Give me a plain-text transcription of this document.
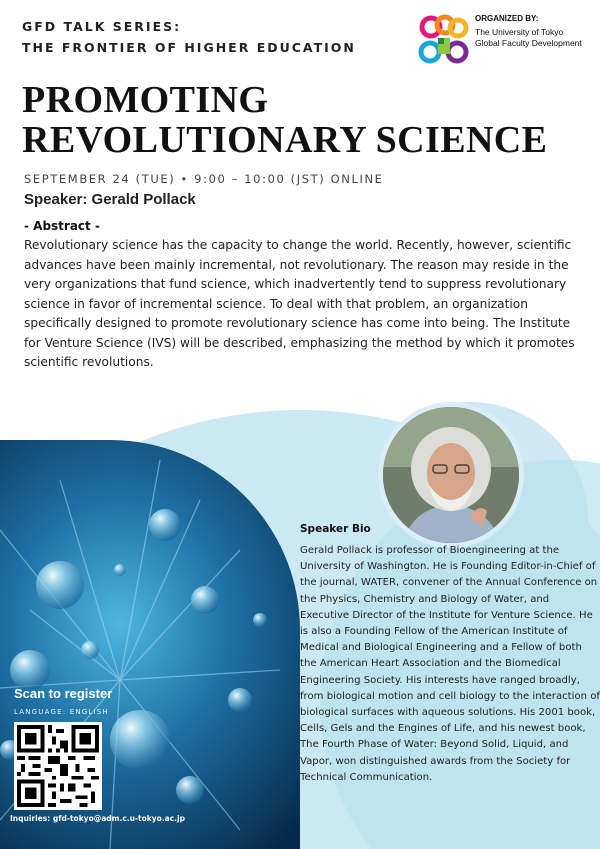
GFD TALK SERIES:
THE FRONTIER OF HIGHER EDUCATION
ORGANIZED BY:
The University of Tokyo
Global Faculty Development
PROMOTING
REVOLUTIONARY SCIENCE
SEPTEMBER 24 (TUE) • 9:00 – 10:00 (JST) ONLINE
Speaker: Gerald Pollack
- Abstract -

Revolutionary science has the capacity to change the world. Recently, however, scientific advances have been mainly incremental, not revolutionary. The reason may reside in the very organizations that fund science, which inadvertently tend to suppress revolutionary science in favor of incremental science. To deal with that problem, an organization specifically designed to promote revolutionary science has come into being. The Institute for Venture Science (IVS) will be described, emphasizing the method by which it promotes scientific revolutions.

Speaker Bio

Gerald Pollack is professor of Bioengineering at the University of Washington. He is Founding Editor-in-Chief of the journal, WATER, convener of the Annual Conference on the Physics, Chemistry and Biology of Water, and Executive Director of the Institute for Venture Science. He is also a Founding Fellow of the American Institute of Medical and Biological Engineering and a Fellow of both the American Heart Association and the Biomedical Engineering Society. His interests have ranged broadly, from biological motion and cell biology to the interaction of biological surfaces with aqueous solutions. His 2001 book, Cells, Gels and the Engines of Life, and his newest book, The Fourth Phase of Water: Beyond Solid, Liquid, and Vapor, won distinguished awards from the Society for Technical Communication.

Scan to register
LANGUAGE: ENGLISH
Inquiries: gfd-tokyo@adm.c.u-tokyo.ac.jp
